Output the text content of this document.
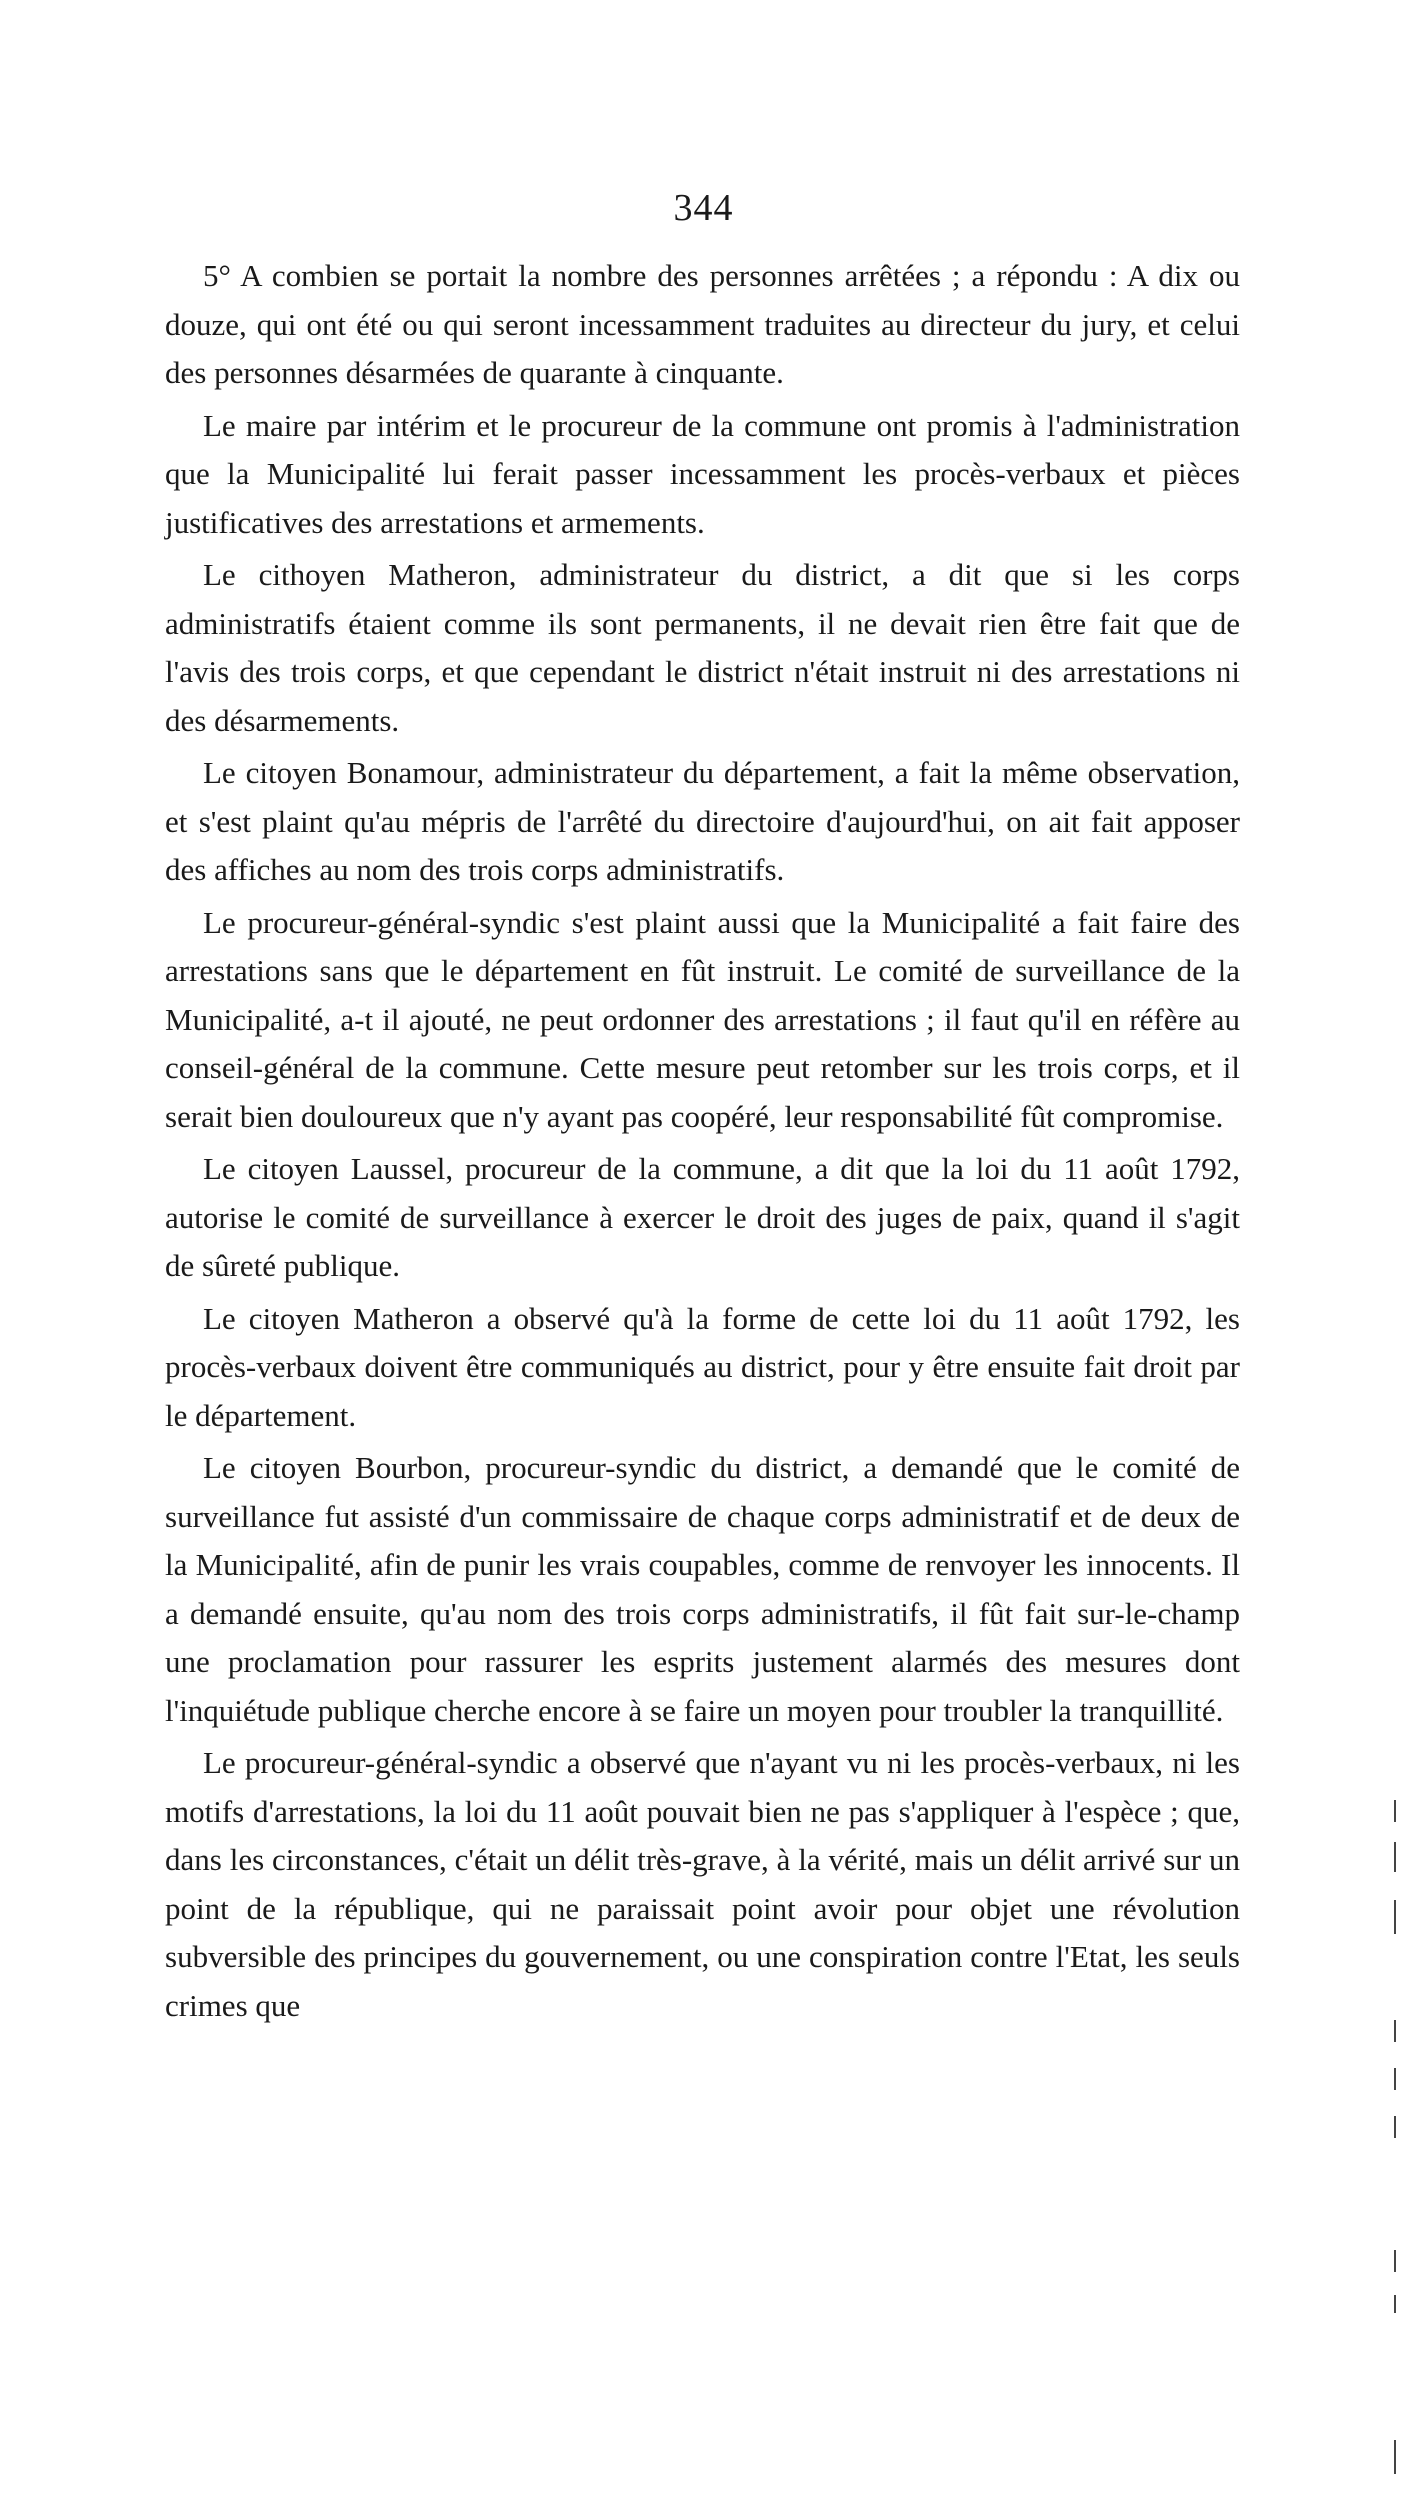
344

5° A combien se portait la nombre des personnes arrêtées ; a répondu : A dix ou douze, qui ont été ou qui seront incessamment traduites au directeur du jury, et celui des personnes désarmées de quarante à cinquante.

Le maire par intérim et le procureur de la commune ont promis à l'administration que la Municipalité lui ferait passer incessamment les procès-verbaux et pièces justificatives des arrestations et armements.

Le cithoyen Matheron, administrateur du district, a dit que si les corps administratifs étaient comme ils sont permanents, il ne devait rien être fait que de l'avis des trois corps, et que cependant le district n'était instruit ni des arrestations ni des désarmements.

Le citoyen Bonamour, administrateur du département, a fait la même observation, et s'est plaint qu'au mépris de l'arrêté du directoire d'aujourd'hui, on ait fait apposer des affiches au nom des trois corps administratifs.

Le procureur-général-syndic s'est plaint aussi que la Municipalité a fait faire des arrestations sans que le département en fût instruit. Le comité de surveillance de la Municipalité, a-t il ajouté, ne peut ordonner des arrestations ; il faut qu'il en réfère au conseil-général de la commune. Cette mesure peut retomber sur les trois corps, et il serait bien douloureux que n'y ayant pas coopéré, leur responsabilité fût compromise.

Le citoyen Laussel, procureur de la commune, a dit que la loi du 11 août 1792, autorise le comité de surveillance à exercer le droit des juges de paix, quand il s'agit de sûreté publique.

Le citoyen Matheron a observé qu'à la forme de cette loi du 11 août 1792, les procès-verbaux doivent être communiqués au district, pour y être ensuite fait droit par le département.

Le citoyen Bourbon, procureur-syndic du district, a demandé que le comité de surveillance fut assisté d'un commissaire de chaque corps administratif et de deux de la Municipalité, afin de punir les vrais coupables, comme de renvoyer les innocents. Il a demandé ensuite, qu'au nom des trois corps administratifs, il fût fait sur-le-champ une proclamation pour rassurer les esprits justement alarmés des mesures dont l'inquiétude publique cherche encore à se faire un moyen pour troubler la tranquillité.

Le procureur-général-syndic a observé que n'ayant vu ni les procès-verbaux, ni les motifs d'arrestations, la loi du 11 août pouvait bien ne pas s'appliquer à l'espèce ; que, dans les circonstances, c'était un délit très-grave, à la vérité, mais un délit arrivé sur un point de la république, qui ne paraissait point avoir pour objet une révolution subversible des principes du gouvernement, ou une conspiration contre l'Etat, les seuls crimes que
